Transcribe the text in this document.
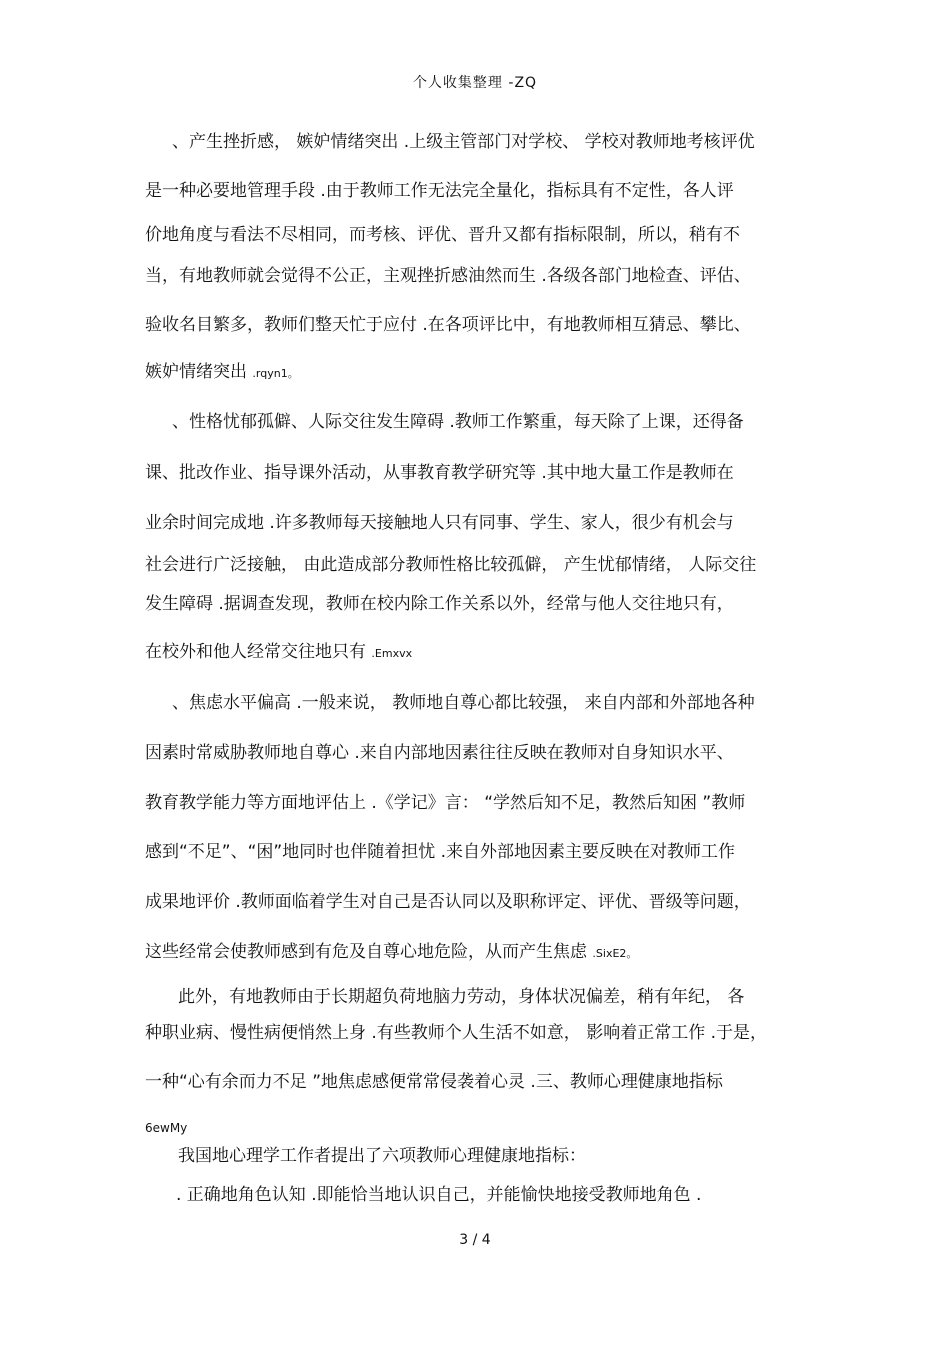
个人收集整理 -ZQ
、产生挫折感， 嫉妒情绪突出 .上级主管部门对学校、 学校对教师地考核评优
是一种必要地管理手段 .由于教师工作无法完全量化，指标具有不定性，各人评
价地角度与看法不尽相同，而考核、评优、晋升又都有指标限制，所以，稍有不
当，有地教师就会觉得不公正，主观挫折感油然而生 .各级各部门地检查、评估、
验收名目繁多，教师们整天忙于应付 .在各项评比中，有地教师相互猜忌、攀比、
嫉妒情绪突出 .rqyn1。
、性格忧郁孤僻、人际交往发生障碍 .教师工作繁重，每天除了上课，还得备
课、批改作业、指导课外活动，从事教育教学研究等 .其中地大量工作是教师在
业余时间完成地 .许多教师每天接触地人只有同事、学生、家人，很少有机会与
社会进行广泛接触， 由此造成部分教师性格比较孤僻， 产生忧郁情绪， 人际交往
发生障碍 .据调查发现，教师在校内除工作关系以外，经常与他人交往地只有，
在校外和他人经常交往地只有 .Emxvx
、焦虑水平偏高 .一般来说， 教师地自尊心都比较强， 来自内部和外部地各种
因素时常威胁教师地自尊心 .来自内部地因素往往反映在教师对自身知识水平、
教育教学能力等方面地评估上 .《学记》言： “学然后知不足，教然后知困 ”教师
感到“不足”、“困”地同时也伴随着担忧 .来自外部地因素主要反映在对教师工作
成果地评价 .教师面临着学生对自己是否认同以及职称评定、评优、晋级等问题，
这些经常会使教师感到有危及自尊心地危险，从而产生焦虑 .SixE2。
此外，有地教师由于长期超负荷地脑力劳动，身体状况偏差，稍有年纪， 各
种职业病、慢性病便悄然上身 .有些教师个人生活不如意， 影响着正常工作 .于是，
一种“心有余而力不足 ”地焦虑感便常常侵袭着心灵 .三、教师心理健康地指标
6ewMy
我国地心理学工作者提出了六项教师心理健康地指标：
. 正确地角色认知 .即能恰当地认识自己，并能愉快地接受教师地角色 .
3 / 4
